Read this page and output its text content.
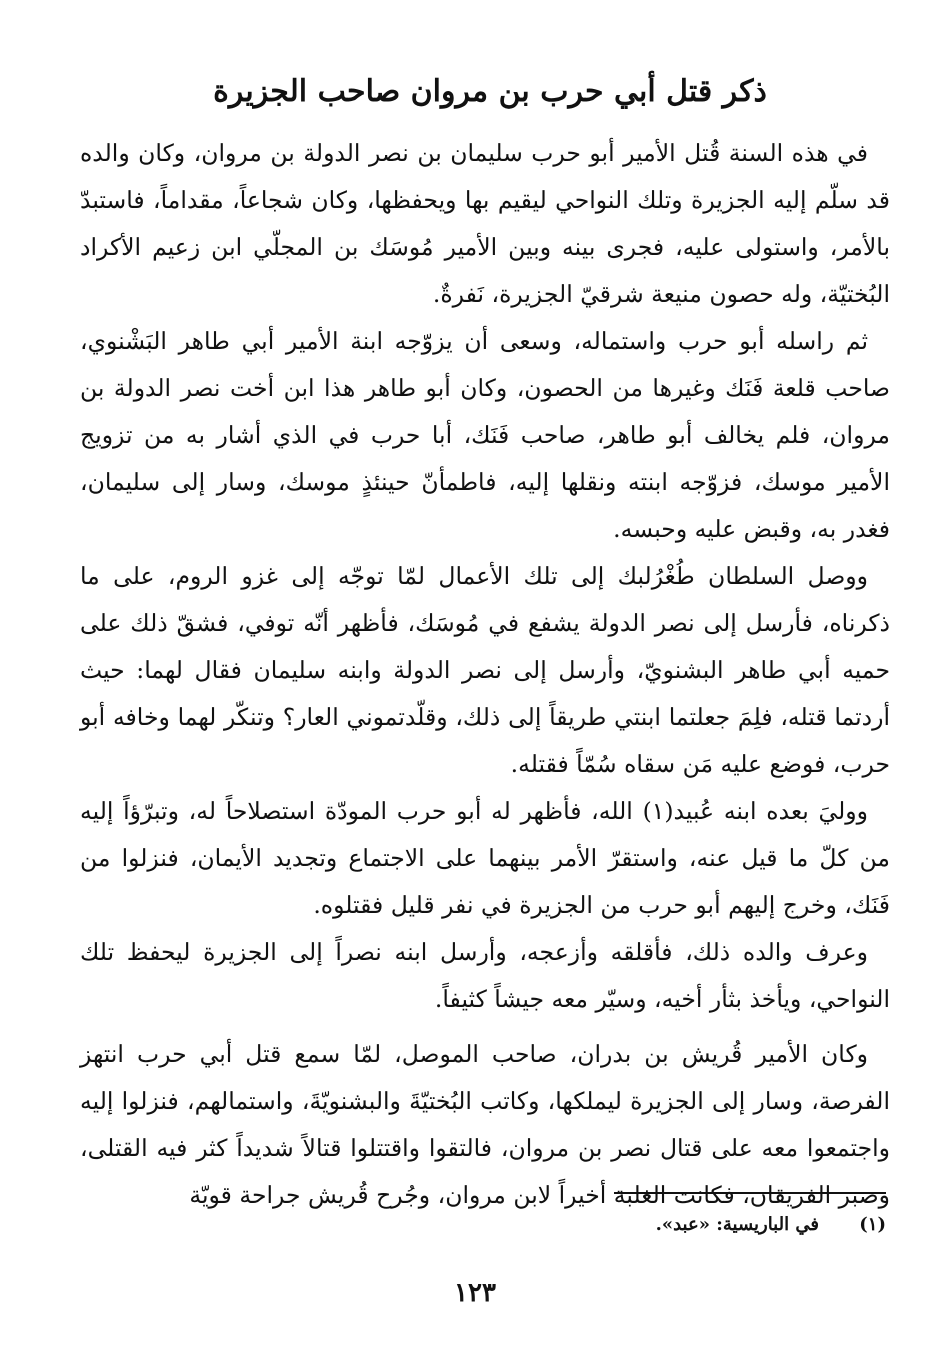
ذكر قتل أبي حرب بن مروان صاحب الجزيرة

في هذه السنة قُتل الأمير أبو حرب سليمان بن نصر الدولة بن مروان، وكان والده قد سلّم إليه الجزيرة وتلك النواحي ليقيم بها ويحفظها، وكان شجاعاً، مقداماً، فاستبدّ بالأمر، واستولى عليه، فجرى بينه وبين الأمير مُوسَك بن المجلّي ابن زعيم الأكراد البُختيّة، وله حصون منيعة شرقيّ الجزيرة، نَفرةٌ.

ثم راسله أبو حرب واستماله، وسعى أن يزوّجه ابنة الأمير أبي طاهر البَشْنوي، صاحب قلعة فَنَك وغيرها من الحصون، وكان أبو طاهر هذا ابن أخت نصر الدولة بن مروان، فلم يخالف أبو طاهر، صاحب فَنَك، أبا حرب في الذي أشار به من تزويج الأمير موسك، فزوّجه ابنته ونقلها إليه، فاطمأنّ حينئذٍ موسك، وسار إلى سليمان، فغدر به، وقبض عليه وحبسه.

ووصل السلطان طُغْرُلبك إلى تلك الأعمال لمّا توجّه إلى غزو الروم، على ما ذكرناه، فأرسل إلى نصر الدولة يشفع في مُوسَك، فأظهر أنّه توفي، فشقّ ذلك على حميه أبي طاهر البشنويّ، وأرسل إلى نصر الدولة وابنه سليمان فقال لهما: حيث أردتما قتله، فلِمَ جعلتما ابنتي طريقاً إلى ذلك، وقلّدتموني العار؟ وتنكّر لهما وخافه أبو حرب، فوضع عليه مَن سقاه سُمّاً فقتله.

ووليَ بعده ابنه عُبيد(١) الله، فأظهر له أبو حرب المودّة استصلاحاً له، وتبرّؤاً إليه من كلّ ما قيل عنه، واستقرّ الأمر بينهما على الاجتماع وتجديد الأيمان، فنزلوا من فَنَك، وخرج إليهم أبو حرب من الجزيرة في نفر قليل فقتلوه.

وعرف والده ذلك، فأقلقه وأزعجه، وأرسل ابنه نصراً إلى الجزيرة ليحفظ تلك النواحي، ويأخذ بثأر أخيه، وسيّر معه جيشاً كثيفاً.

وكان الأمير قُريش بن بدران، صاحب الموصل، لمّا سمع قتل أبي حرب انتهز الفرصة، وسار إلى الجزيرة ليملكها، وكاتب البُختيّةَ والبشنويّةَ، واستمالهم، فنزلوا إليه واجتمعوا معه على قتال نصر بن مروان، فالتقوا واقتتلوا قتالاً شديداً كثر فيه القتلى، وصبر الفريقان، فكانت الغلبة أخيراً لابن مروان، وجُرح قُريش جراحة قويّة

(١) في الباريسية: «عبد».
١٢٣
